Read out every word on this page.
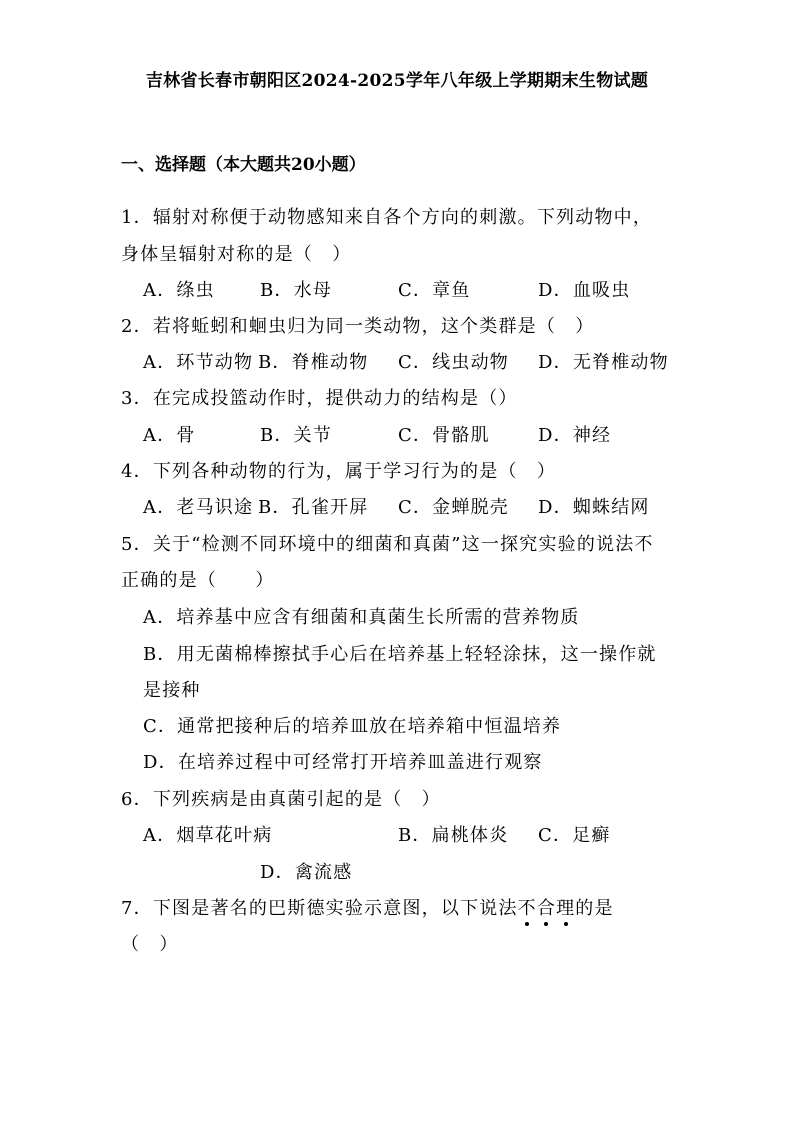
吉林省长春市朝阳区2024-2025学年八年级上学期期末生物试题
一、选择题（本大题共20小题）
1．辐射对称便于动物感知来自各个方向的刺激。下列动物中，
身体呈辐射对称的是（　）
A．绦虫	B．水母	C．章鱼	D．血吸虫
2．若将蚯蚓和蛔虫归为同一类动物，这个类群是（　）
A．环节动物 B．脊椎动物 C．线虫动物 D．无脊椎动物
3．在完成投篮动作时，提供动力的结构是（）
A．骨	B．关节	C．骨骼肌	D．神经
4．下列各种动物的行为，属于学习行为的是（　）
A．老马识途 B．孔雀开屏 C．金蝉脱壳 D．蜘蛛结网
5．关于“检测不同环境中的细菌和真菌”这一探究实验的说法不
正确的是（　　）
A．培养基中应含有细菌和真菌生长所需的营养物质
B．用无菌棉棒擦拭手心后在培养基上轻轻涂抹，这一操作就
是接种
C．通常把接种后的培养皿放在培养箱中恒温培养
D．在培养过程中可经常打开培养皿盖进行观察
6．下列疾病是由真菌引起的是（　）
A．烟草花叶病	B．扁桃体炎 C．足癣
D．禽流感
7．下图是著名的巴斯德实验示意图，以下说法不合理的是
（　）
